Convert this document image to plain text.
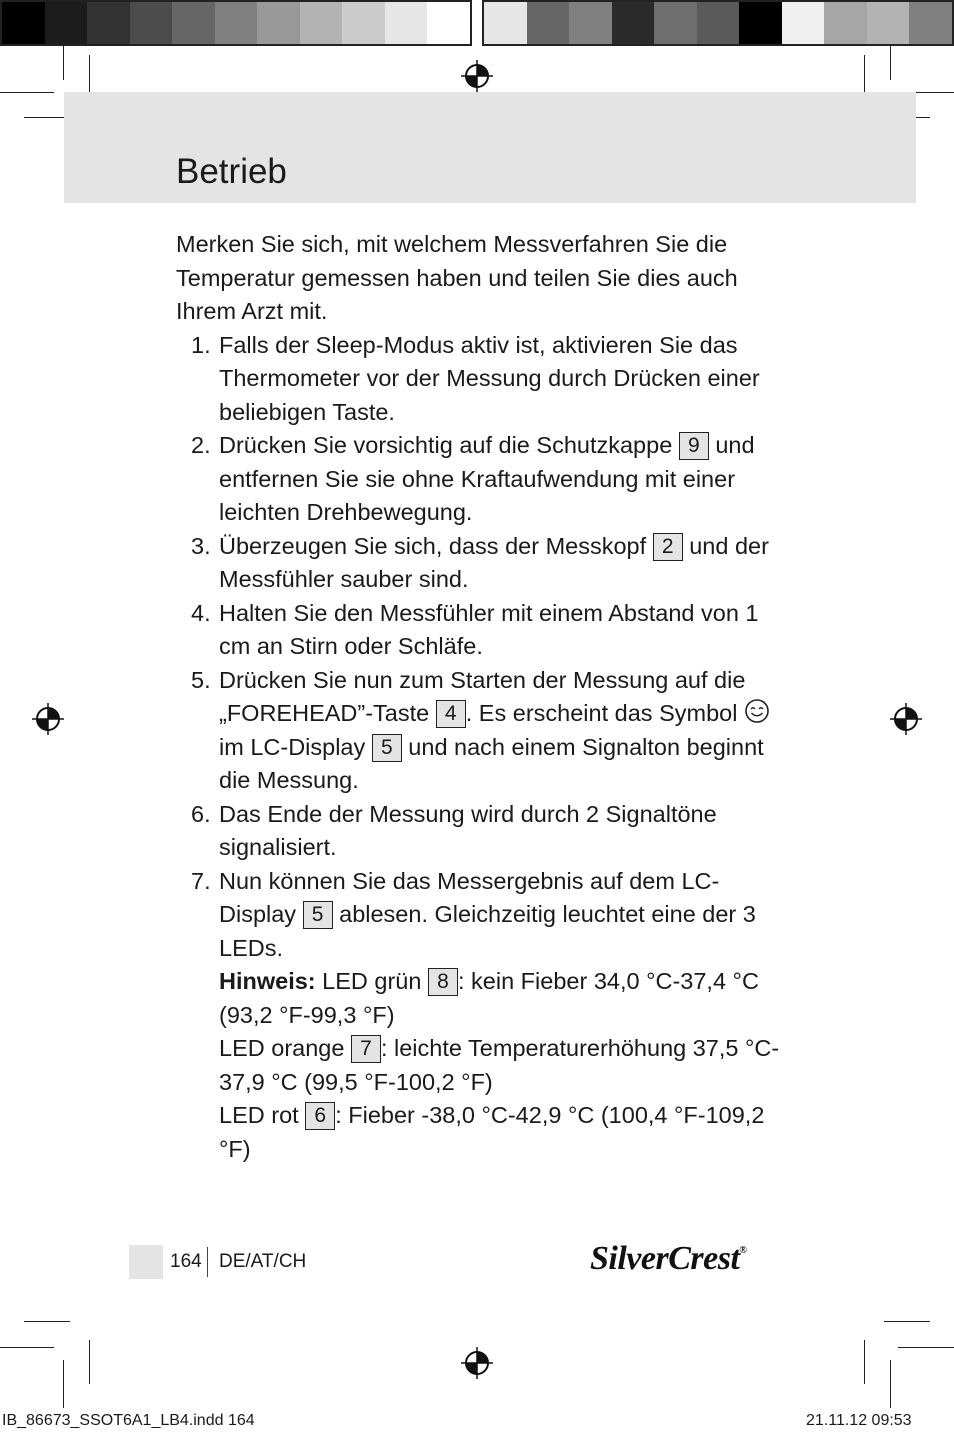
Betrieb

Merken Sie sich, mit welchem Messverfahren Sie die Temperatur gemessen haben und teilen Sie dies auch Ihrem Arzt mit.

1. Falls der Sleep-Modus aktiv ist, aktivieren Sie das Thermometer vor der Messung durch Drücken einer beliebigen Taste.
2. Drücken Sie vorsichtig auf die Schutzkappe 9 und entfernen Sie sie ohne Kraftaufwendung mit einer leichten Drehbewegung.
3. Überzeugen Sie sich, dass der Messkopf 2 und der Messfühler sauber sind.
4. Halten Sie den Messfühler mit einem Abstand von 1 cm an Stirn oder Schläfe.
5. Drücken Sie nun zum Starten der Messung auf die „FOREHEAD”-Taste 4 . Es erscheint das Symbol  im LC-Display 5 und nach einem Signalton beginnt die Messung.
6. Das Ende der Messung wird durch 2 Signaltöne signalisiert.
7. Nun können Sie das Messergebnis auf dem LC-Display 5 ablesen. Gleichzeitig leuchtet eine der 3 LEDs.
Hinweis: LED grün 8 : kein Fieber 34,0 °C-37,4 °C (93,2 °F-99,3 °F)
LED orange 7 : leichte Temperaturerhöhung 37,5 °C-37,9 °C (99,5 °F-100,2 °F)
LED rot 6 : Fieber -38,0 °C-42,9 °C (100,4 °F-109,2 °F)
164 DE/AT/CH	SilverCrest®
IB_86673_SSOT6A1_LB4.indd 164	21.11.12 09:53
